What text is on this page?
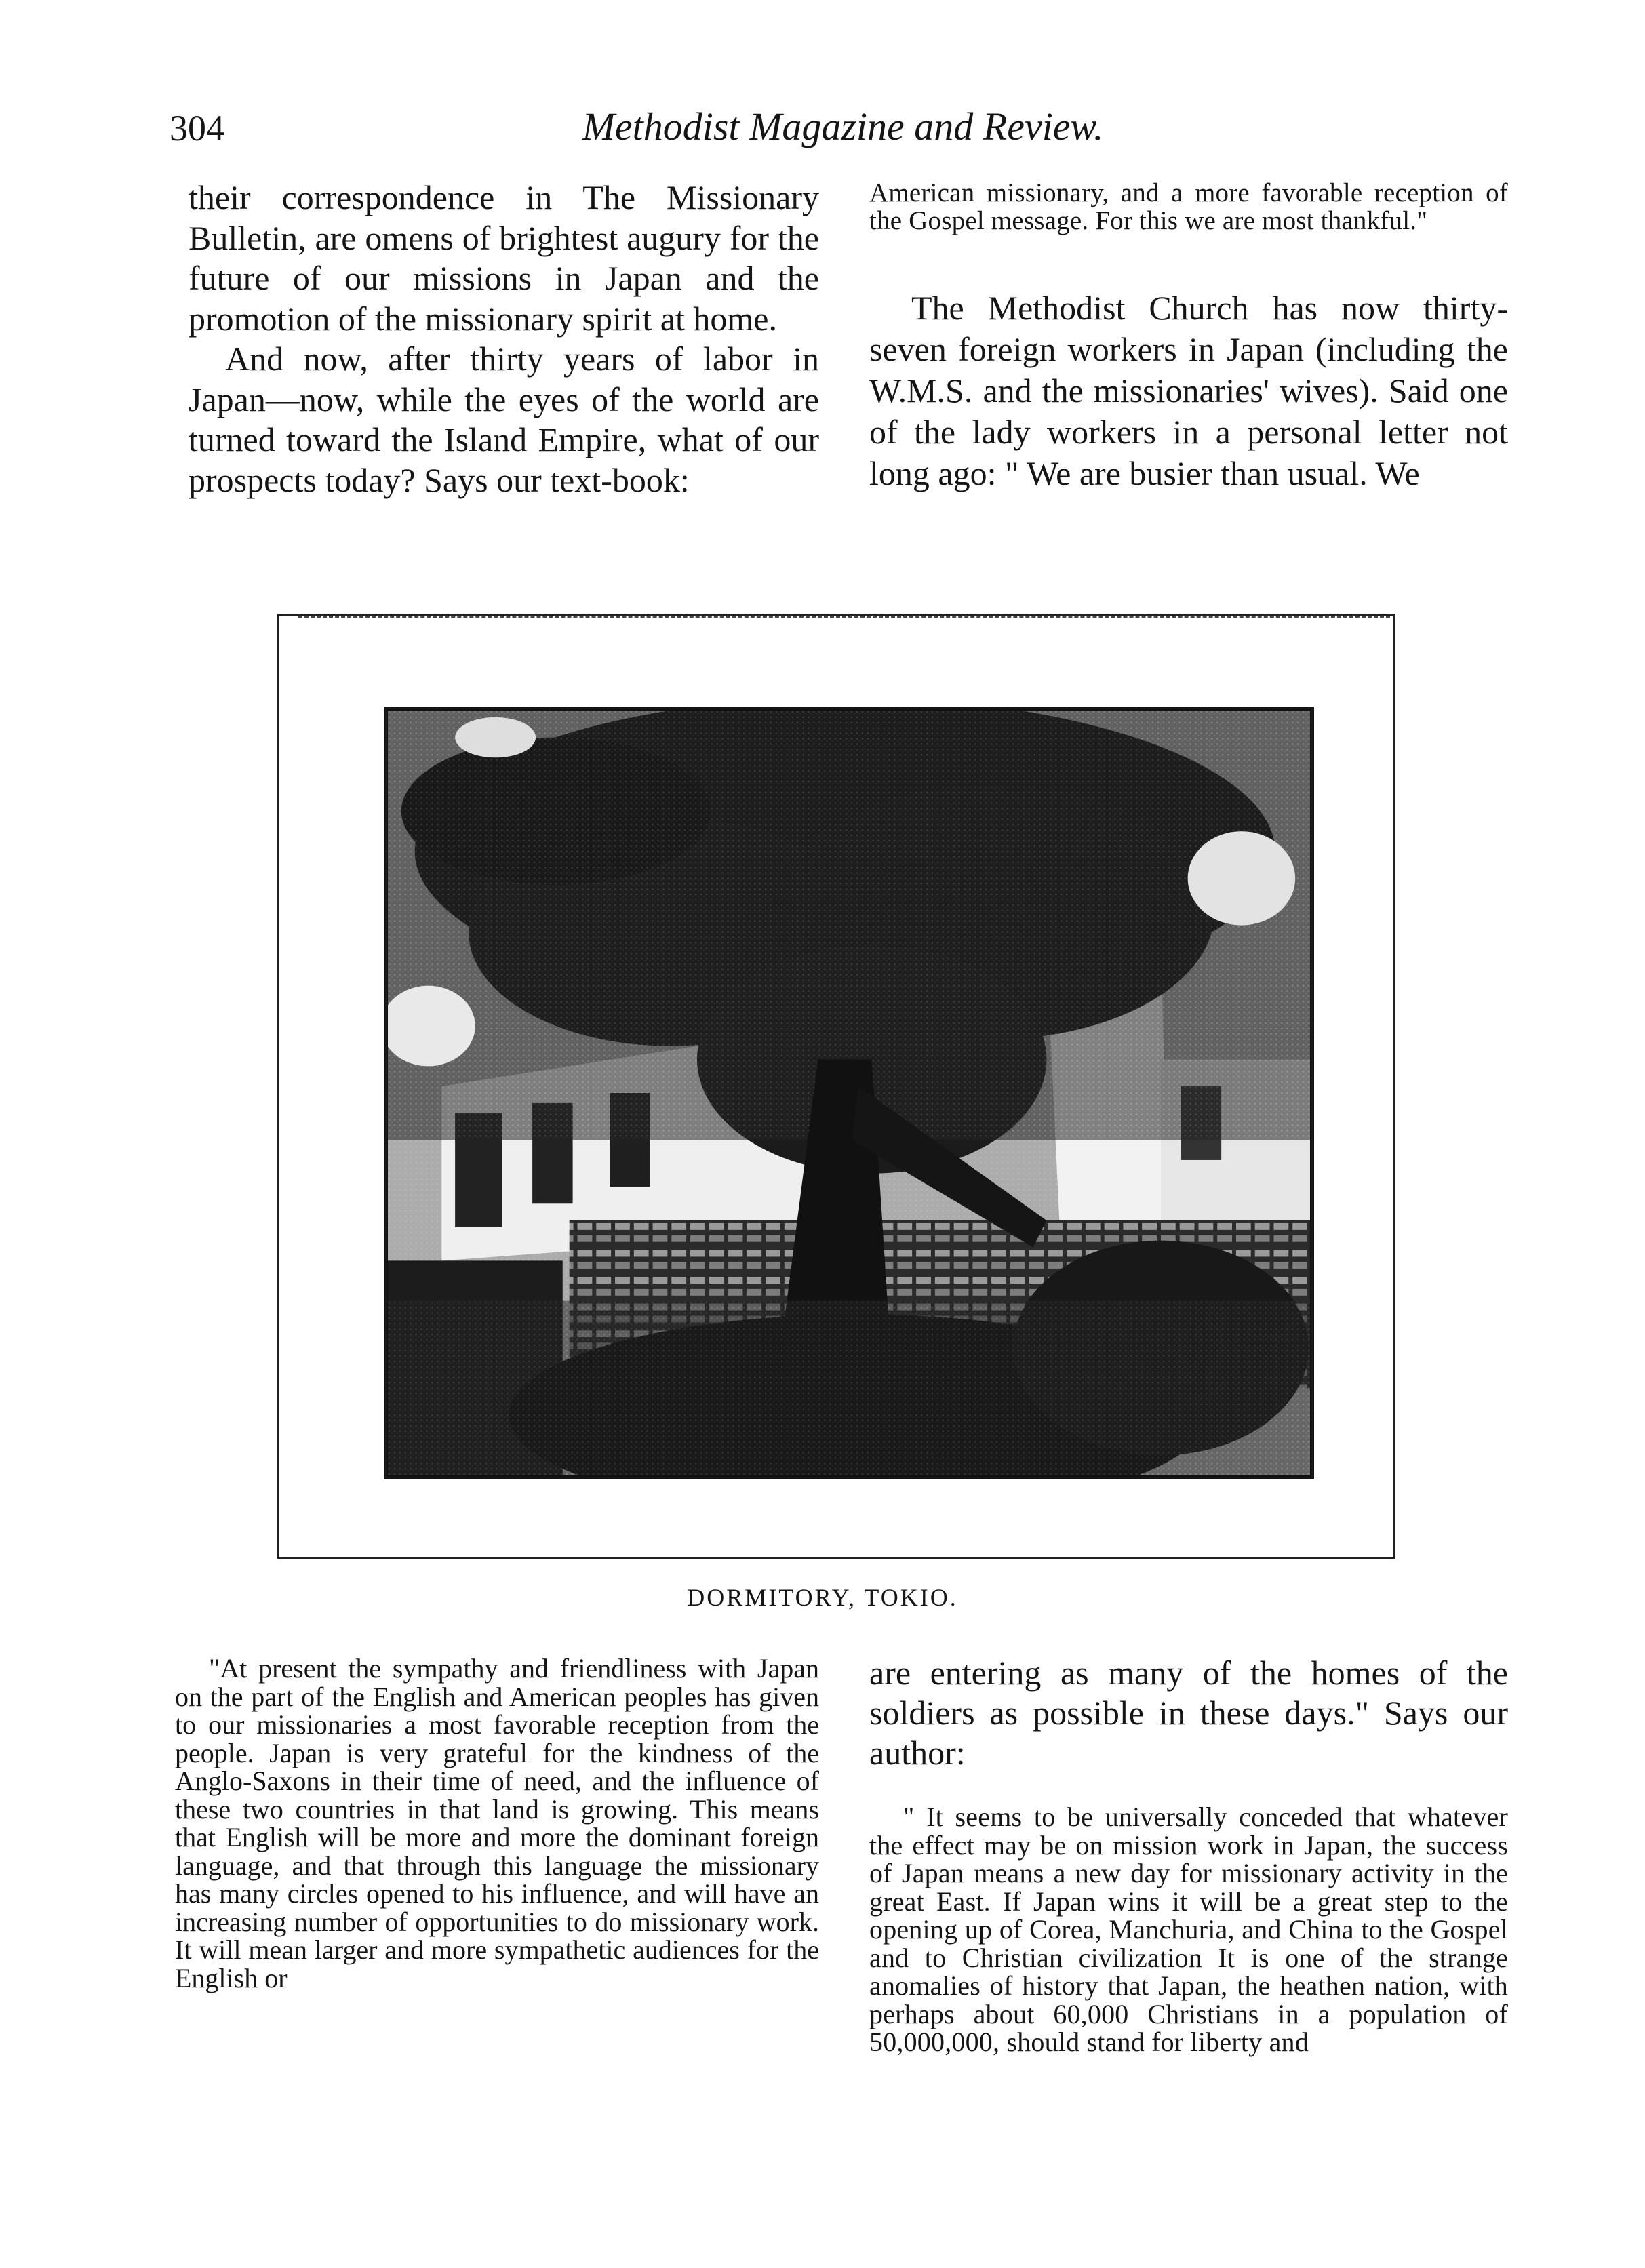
304	Methodist Magazine and Review.

their correspondence in The Missionary Bulletin, are omens of brightest augury for the future of our missions in Japan and the promotion of the missionary spirit at home.

And now, after thirty years of labor in Japan—now, while the eyes of the world are turned toward the Island Empire, what of our prospects today? Says our text-book:

American missionary, and a more favorable reception of the Gospel message. For this we are most thankful."

The Methodist Church has now thirty-seven foreign workers in Japan (including the W.M.S. and the missionaries' wives). Said one of the lady workers in a personal letter not long ago: " We are busier than usual. We

DORMITORY, TOKIO.

"At present the sympathy and friendliness with Japan on the part of the English and American peoples has given to our missionaries a most favorable reception from the people. Japan is very grateful for the kindness of the Anglo-Saxons in their time of need, and the influence of these two countries in that land is growing. This means that English will be more and more the dominant foreign language, and that through this language the missionary has many circles opened to his influence, and will have an increasing number of opportunities to do missionary work. It will mean larger and more sympathetic audiences for the English or

are entering as many of the homes of the soldiers as possible in these days." Says our author:

" It seems to be universally conceded that whatever the effect may be on mission work in Japan, the success of Japan means a new day for missionary activity in the great East. If Japan wins it will be a great step to the opening up of Corea, Manchuria, and China to the Gospel and to Christian civilization It is one of the strange anomalies of history that Japan, the heathen nation, with perhaps about 60,000 Christians in a population of 50,000,000, should stand for liberty and
